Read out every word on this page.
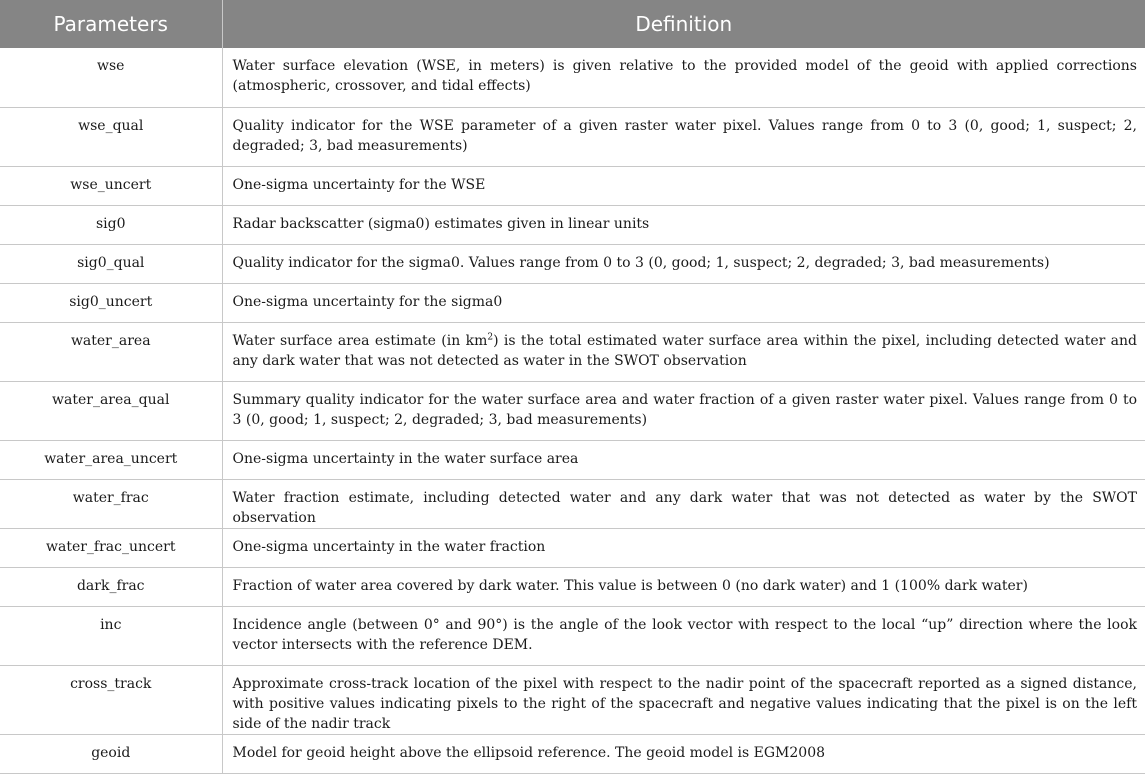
Parameters	Definition
wse	Water surface elevation (WSE, in meters) is given relative to the provided model of the geoid with applied corrections (atmospheric, crossover, and tidal effects)
wse_qual	Quality indicator for the WSE parameter of a given raster water pixel. Values range from 0 to 3 (0, good; 1, suspect; 2, degraded; 3, bad measurements)
wse_uncert	One-sigma uncertainty for the WSE
sig0	Radar backscatter (sigma0) estimates given in linear units
sig0_qual	Quality indicator for the sigma0. Values range from 0 to 3 (0, good; 1, suspect; 2, degraded; 3, bad measurements)
sig0_uncert	One-sigma uncertainty for the sigma0
water_area	Water surface area estimate (in $km^2$) is the total estimated water surface area within the pixel, including detected water and any dark water that was not detected as water in the SWOT observation
water_area_qual	Summary quality indicator for the water surface area and water fraction of a given raster water pixel. Values range from 0 to 3 (0, good; 1, suspect; 2, degraded; 3, bad measurements)
water_area_uncert	One-sigma uncertainty in the water surface area
water_frac	Water fraction estimate, including detected water and any dark water that was not detected as water by the SWOT observation
water_frac_uncert	One-sigma uncertainty in the water fraction
dark_frac	Fraction of water area covered by dark water. This value is between 0 (no dark water) and 1 (100% dark water)
inc	Incidence angle (between 0° and 90°) is the angle of the look vector with respect to the local “up” direction where the look vector intersects with the reference DEM.
cross_track	Approximate cross-track location of the pixel with respect to the nadir point of the spacecraft reported as a signed distance, with positive values indicating pixels to the right of the spacecraft and negative values indicating that the pixel is on the left side of the nadir track
geoid	Model for geoid height above the ellipsoid reference. The geoid model is EGM2008
